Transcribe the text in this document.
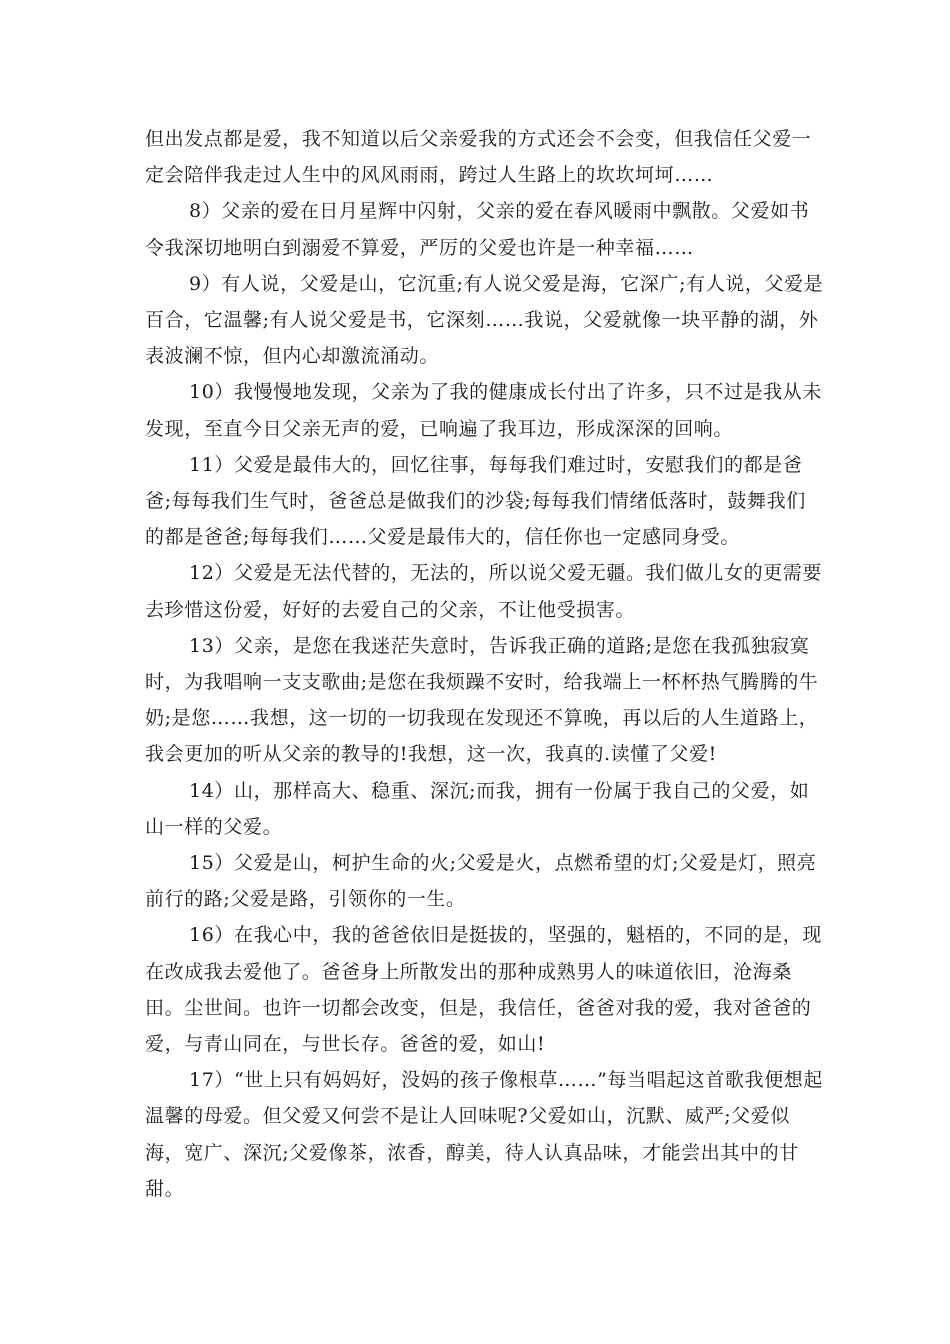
但出发点都是爱，我不知道以后父亲爱我的方式还会不会变，但我信任父爱一定会陪伴我走过人生中的风风雨雨，跨过人生路上的坎坎坷坷……

8）父亲的爱在日月星辉中闪射，父亲的爱在春风暖雨中飘散。父爱如书令我深切地明白到溺爱不算爱，严厉的父爱也许是一种幸福……

9）有人说，父爱是山，它沉重;有人说父爱是海，它深广;有人说，父爱是百合，它温馨;有人说父爱是书，它深刻……我说，父爱就像一块平静的湖，外表波澜不惊，但内心却激流涌动。

10）我慢慢地发现，父亲为了我的健康成长付出了许多，只不过是我从未发现，至直今日父亲无声的爱，已响遍了我耳边，形成深深的回响。

11）父爱是最伟大的，回忆往事，每每我们难过时，安慰我们的都是爸爸;每每我们生气时，爸爸总是做我们的沙袋;每每我们情绪低落时，鼓舞我们的都是爸爸;每每我们……父爱是最伟大的，信任你也一定感同身受。

12）父爱是无法代替的，无法的，所以说父爱无疆。我们做儿女的更需要去珍惜这份爱，好好的去爱自己的父亲，不让他受损害。

13）父亲，是您在我迷茫失意时，告诉我正确的道路;是您在我孤独寂寞时，为我唱响一支支歌曲;是您在我烦躁不安时，给我端上一杯杯热气腾腾的牛奶;是您……我想，这一切的一切我现在发现还不算晚，再以后的人生道路上，我会更加的听从父亲的教导的!我想，这一次，我真的.读懂了父爱!

14）山，那样高大、稳重、深沉;而我，拥有一份属于我自己的父爱，如山一样的父爱。

15）父爱是山，柯护生命的火;父爱是火，点燃希望的灯;父爱是灯，照亮前行的路;父爱是路，引领你的一生。

16）在我心中，我的爸爸依旧是挺拔的，坚强的，魁梧的，不同的是，现在改成我去爱他了。爸爸身上所散发出的那种成熟男人的味道依旧，沧海桑田。尘世间。也许一切都会改变，但是，我信任，爸爸对我的爱，我对爸爸的爱，与青山同在，与世长存。爸爸的爱，如山!

17）“世上只有妈妈好，没妈的孩子像根草……”每当唱起这首歌我便想起温馨的母爱。但父爱又何尝不是让人回味呢?父爱如山，沉默、威严;父爱似海，宽广、深沉;父爱像茶，浓香，醇美，待人认真品味，才能尝出其中的甘甜。
